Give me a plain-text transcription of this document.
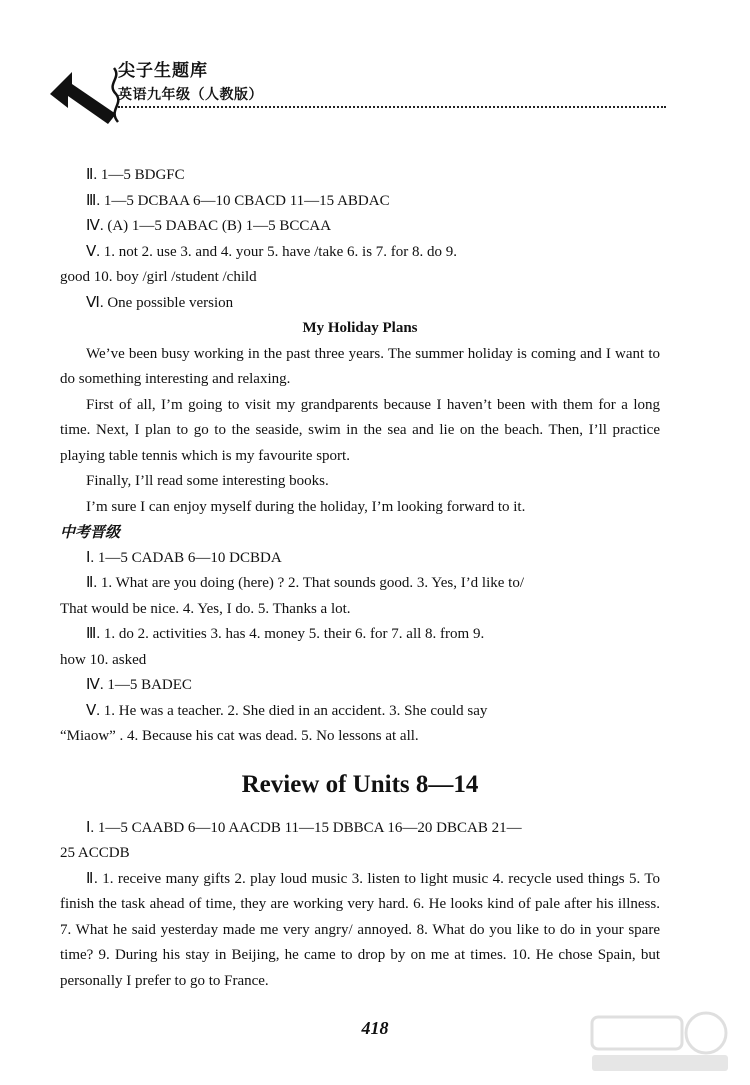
尖子生题库
英语九年级（人教版）
Ⅱ. 1—5 BDGFC
Ⅲ. 1—5 DCBAA 6—10 CBACD 11—15 ABDAC
Ⅳ. (A) 1—5 DABAC (B) 1—5 BCCAA
Ⅴ. 1. not 2. use 3. and 4. your 5. have /take 6. is 7. for 8. do 9.
good 10. boy /girl /student /child
Ⅵ. One possible version
My Holiday Plans
We’ve been busy working in the past three years. The summer holiday is coming and I want to do something interesting and relaxing.
First of all, I’m going to visit my grandparents because I haven’t been with them for a long time. Next, I plan to go to the seaside, swim in the sea and lie on the beach. Then, I’ll practice playing table tennis which is my favourite sport.
Finally, I’ll read some interesting books.
I’m sure I can enjoy myself during the holiday, I’m looking forward to it.
中考晋级
Ⅰ. 1—5 CADAB 6—10 DCBDA
Ⅱ. 1. What are you doing (here) ? 2. That sounds good. 3. Yes, I’d like to/
That would be nice. 4. Yes, I do. 5. Thanks a lot.
Ⅲ. 1. do 2. activities 3. has 4. money 5. their 6. for 7. all 8. from 9.
how 10. asked
Ⅳ. 1—5 BADEC
Ⅴ. 1. He was a teacher. 2. She died in an accident. 3. She could say
“Miaow” . 4. Because his cat was dead. 5. No lessons at all.
Review of Units 8—14
Ⅰ. 1—5 CAABD 6—10 AACDB 11—15 DBBCA 16—20 DBCAB 21—
25 ACCDB
Ⅱ. 1. receive many gifts 2. play loud music 3. listen to light music 4. recycle used things 5. To finish the task ahead of time, they are working very hard. 6. He looks kind of pale after his illness. 7. What he said yesterday made me very angry/ annoyed. 8. What do you like to do in your spare time? 9. During his stay in Beijing, he came to drop by on me at times. 10. He chose Spain, but personally I prefer to go to France.
418
